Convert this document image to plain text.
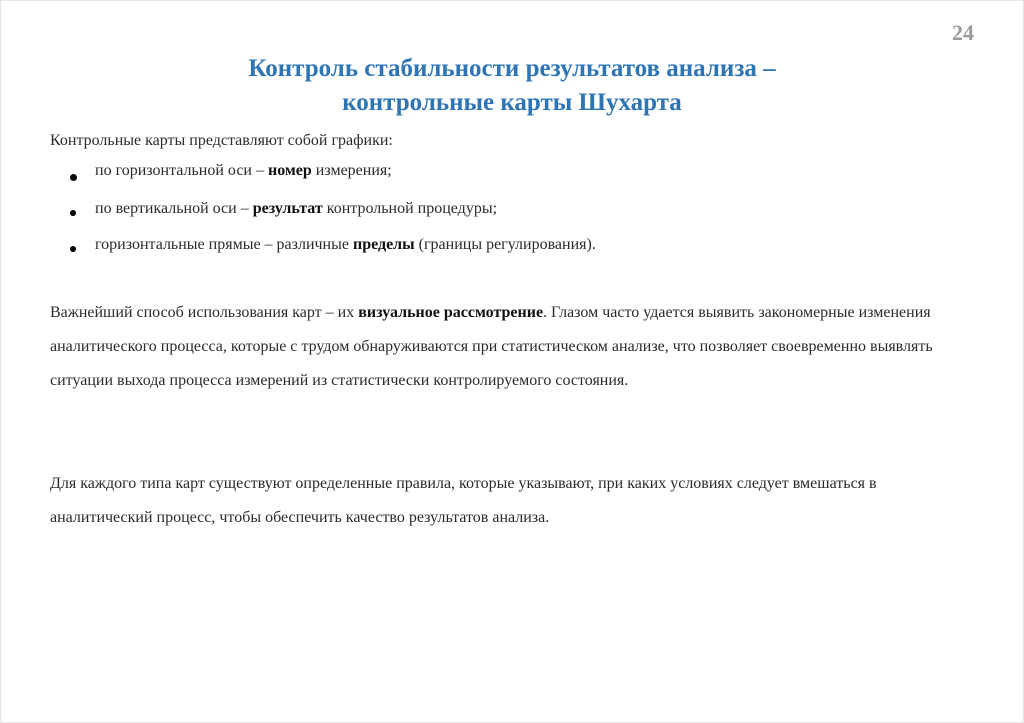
24
Контроль стабильности результатов анализа –
контрольные карты Шухарта
Контрольные карты представляют собой графики:
по горизонтальной оси – номер измерения;
по вертикальной оси – результат контрольной процедуры;
горизонтальные прямые – различные пределы (границы регулирования).
Важнейший способ использования карт – их визуальное рассмотрение. Глазом часто удается выявить закономерные изменения аналитического процесса, которые с трудом обнаруживаются при статистическом анализе, что позволяет своевременно выявлять ситуации выхода процесса измерений из статистически контролируемого состояния.
Для каждого типа карт существуют определенные правила, которые указывают, при каких условиях следует вмешаться в аналитический процесс, чтобы обеспечить качество результатов анализа.
